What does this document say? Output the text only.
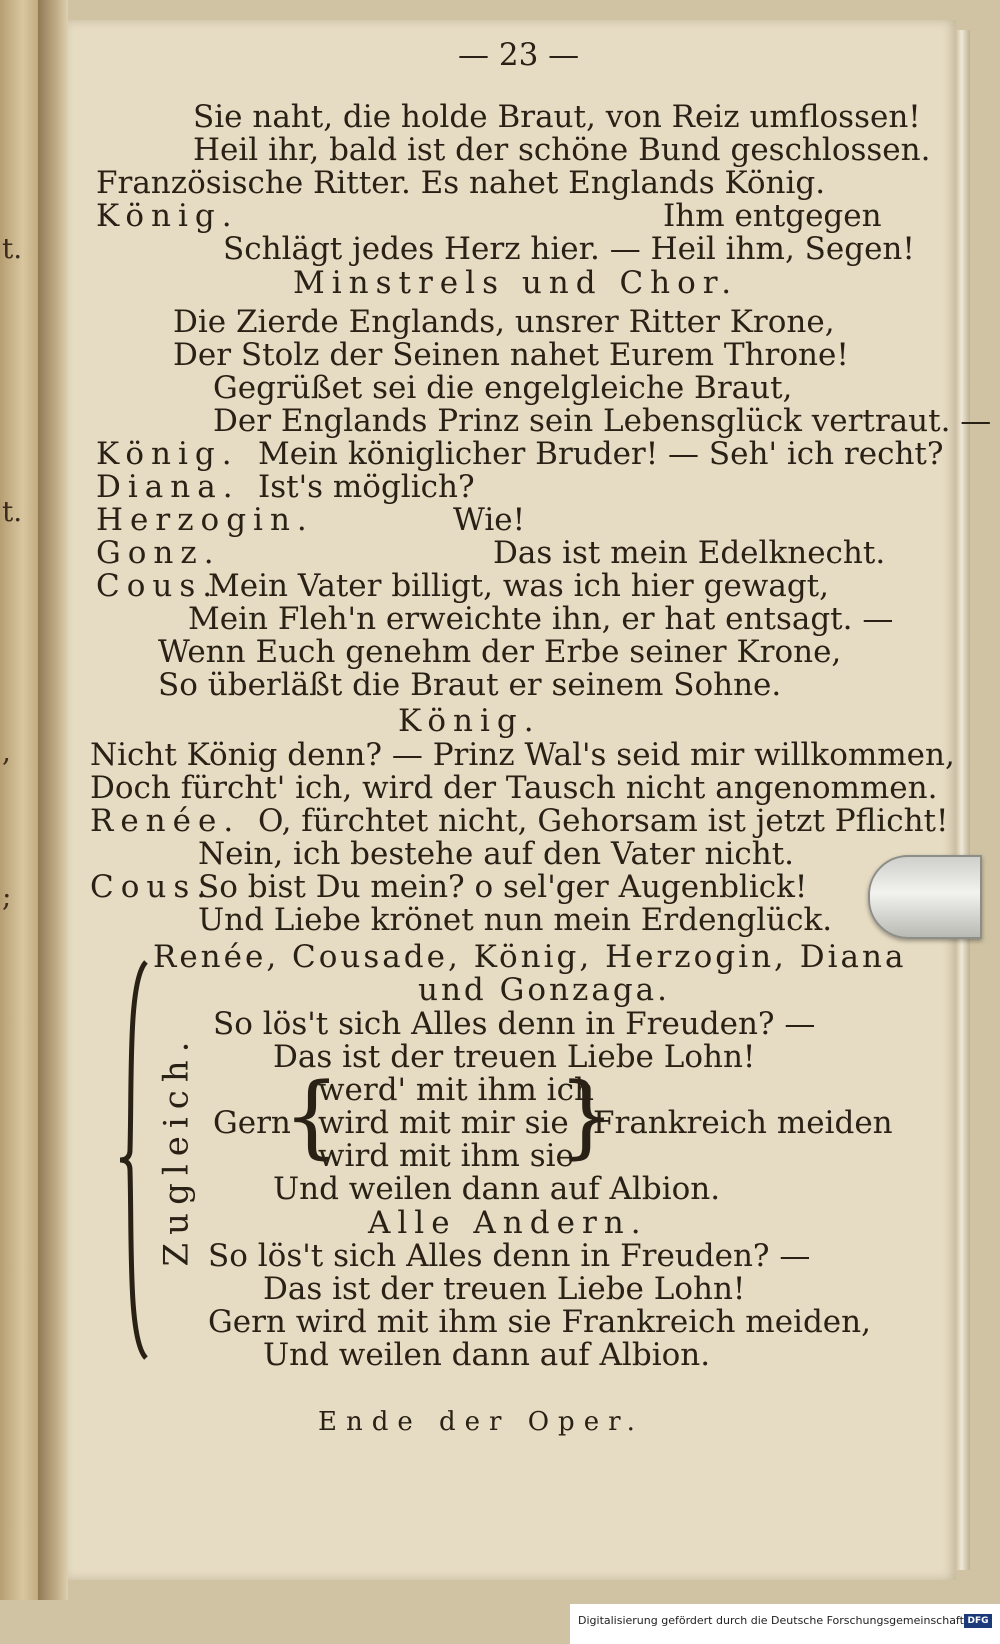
t.
t.
,
;
— 23 —
Sie naht, die holde Braut, von Reiz umflossen!
Heil ihr, bald ist der schöne Bund geschlossen.
Französische Ritter. Es nahet Englands König.
König.	Ihm entgegen
Schlägt jedes Herz hier. — Heil ihm, Segen!
Minstrels und Chor.
Die Zierde Englands, unsrer Ritter Krone,
Der Stolz der Seinen nahet Eurem Throne!
Gegrüßet sei die engelgleiche Braut,
Der Englands Prinz sein Lebensglück vertraut. —
König. Mein königlicher Bruder! — Seh' ich recht?
Diana. Ist's möglich?
Herzogin.	Wie!
Gonz.	Das ist mein Edelknecht.
Cous.
Mein Vater billigt, was ich hier gewagt,
Mein Fleh'n erweichte ihn, er hat entsagt. —
Wenn Euch genehm der Erbe seiner Krone,
So überläßt die Braut er seinem Sohne.
König.
Nicht König denn? — Prinz Wal's seid mir willkommen,
Doch fürcht' ich, wird der Tausch nicht angenommen.
Renée. O, fürchtet nicht, Gehorsam ist jetzt Pflicht!
Nein, ich bestehe auf den Vater nicht.
Cous.
So bist Du mein? o sel'ger Augenblick!
Und Liebe krönet nun mein Erdenglück.
Renée, Cousade, König, Herzogin, Diana
und Gonzaga.
So lös't sich Alles denn in Freuden? —
Das ist der treuen Liebe Lohn!
werd' mit ihm ich
Gern
{
wird mit mir sie
}
Frankreich meiden
wird mit ihm sie
Und weilen dann auf Albion.
Alle Andern.
So lös't sich Alles denn in Freuden? —
Das ist der treuen Liebe Lohn!
Gern wird mit ihm sie Frankreich meiden,
Und weilen dann auf Albion.
Ende der Oper.
Zugleich.
Digitalisierung gefördert durch die Deutsche Forschungsgemeinschaft DFG
